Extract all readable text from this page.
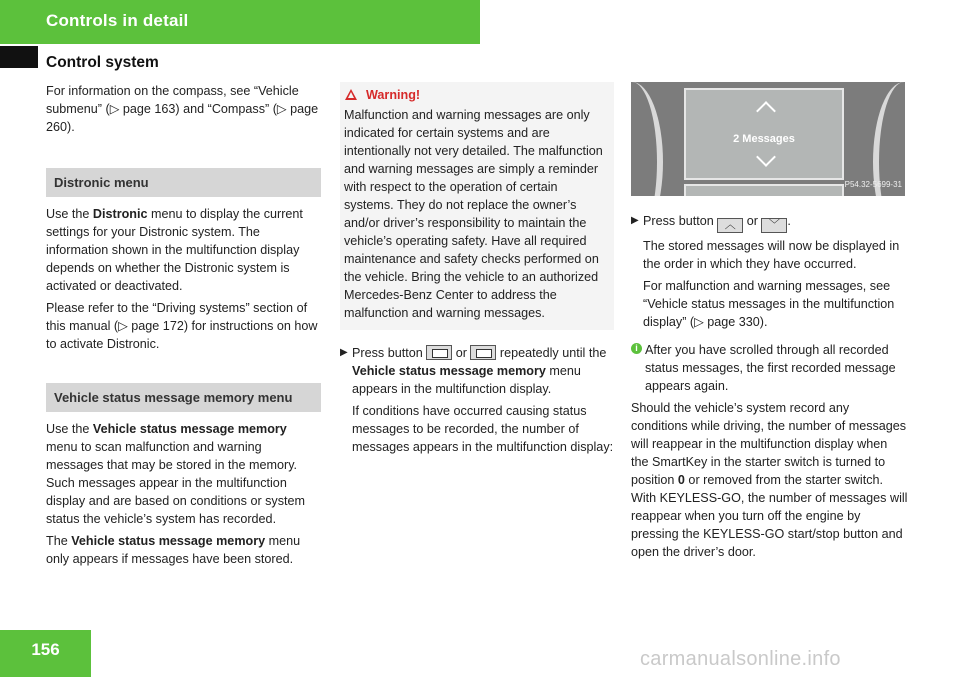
Controls in detail
Control system

For information on the compass, see “Vehicle submenu” (▷ page 163) and “Compass” (▷ page 260).

Distronic menu

Use the Distronic menu to display the current settings for your Distronic system. The information shown in the multifunction display depends on whether the Distronic system is activated or deactivated.

Please refer to the “Driving systems” section of this manual (▷ page 172) for instructions on how to activate Distronic.

Vehicle status message memory menu

Use the Vehicle status message memory menu to scan malfunction and warning messages that may be stored in the memory. Such messages appear in the multifunction display and are based on conditions or system status the vehicle’s system has recorded.

The Vehicle status message memory menu only appears if messages have been stored.

Warning!

Malfunction and warning messages are only indicated for certain systems and are intentionally not very detailed. The malfunction and warning messages are simply a reminder with respect to the operation of certain systems. They do not replace the owner’s and/or driver’s responsibility to maintain the vehicle’s operating safety. Have all required maintenance and safety checks performed on the vehicle. Bring the vehicle to an authorized Mercedes-Benz Center to address the malfunction and warning messages.

▶ Press button  or  repeatedly until the Vehicle status message memory menu appears in the multifunction display.

If conditions have occurred causing status messages to be recorded, the number of messages appears in the multifunction display:

2 Messages
P54.32-5699-31
▶ Press button ︿ or ﹀ .

The stored messages will now be displayed in the order in which they have occurred.

For malfunction and warning messages, see “Vehicle status messages in the multifunction display” (▷ page 330).

i After you have scrolled through all recorded status messages, the first recorded message appears again.

Should the vehicle’s system record any conditions while driving, the number of messages will reappear in the multifunction display when the SmartKey in the starter switch is turned to position 0 or removed from the starter switch. With KEYLESS-GO, the number of messages will reappear when you turn off the engine by pressing the KEYLESS-GO start/stop button and open the driver’s door.

156	carmanualsonline.info
